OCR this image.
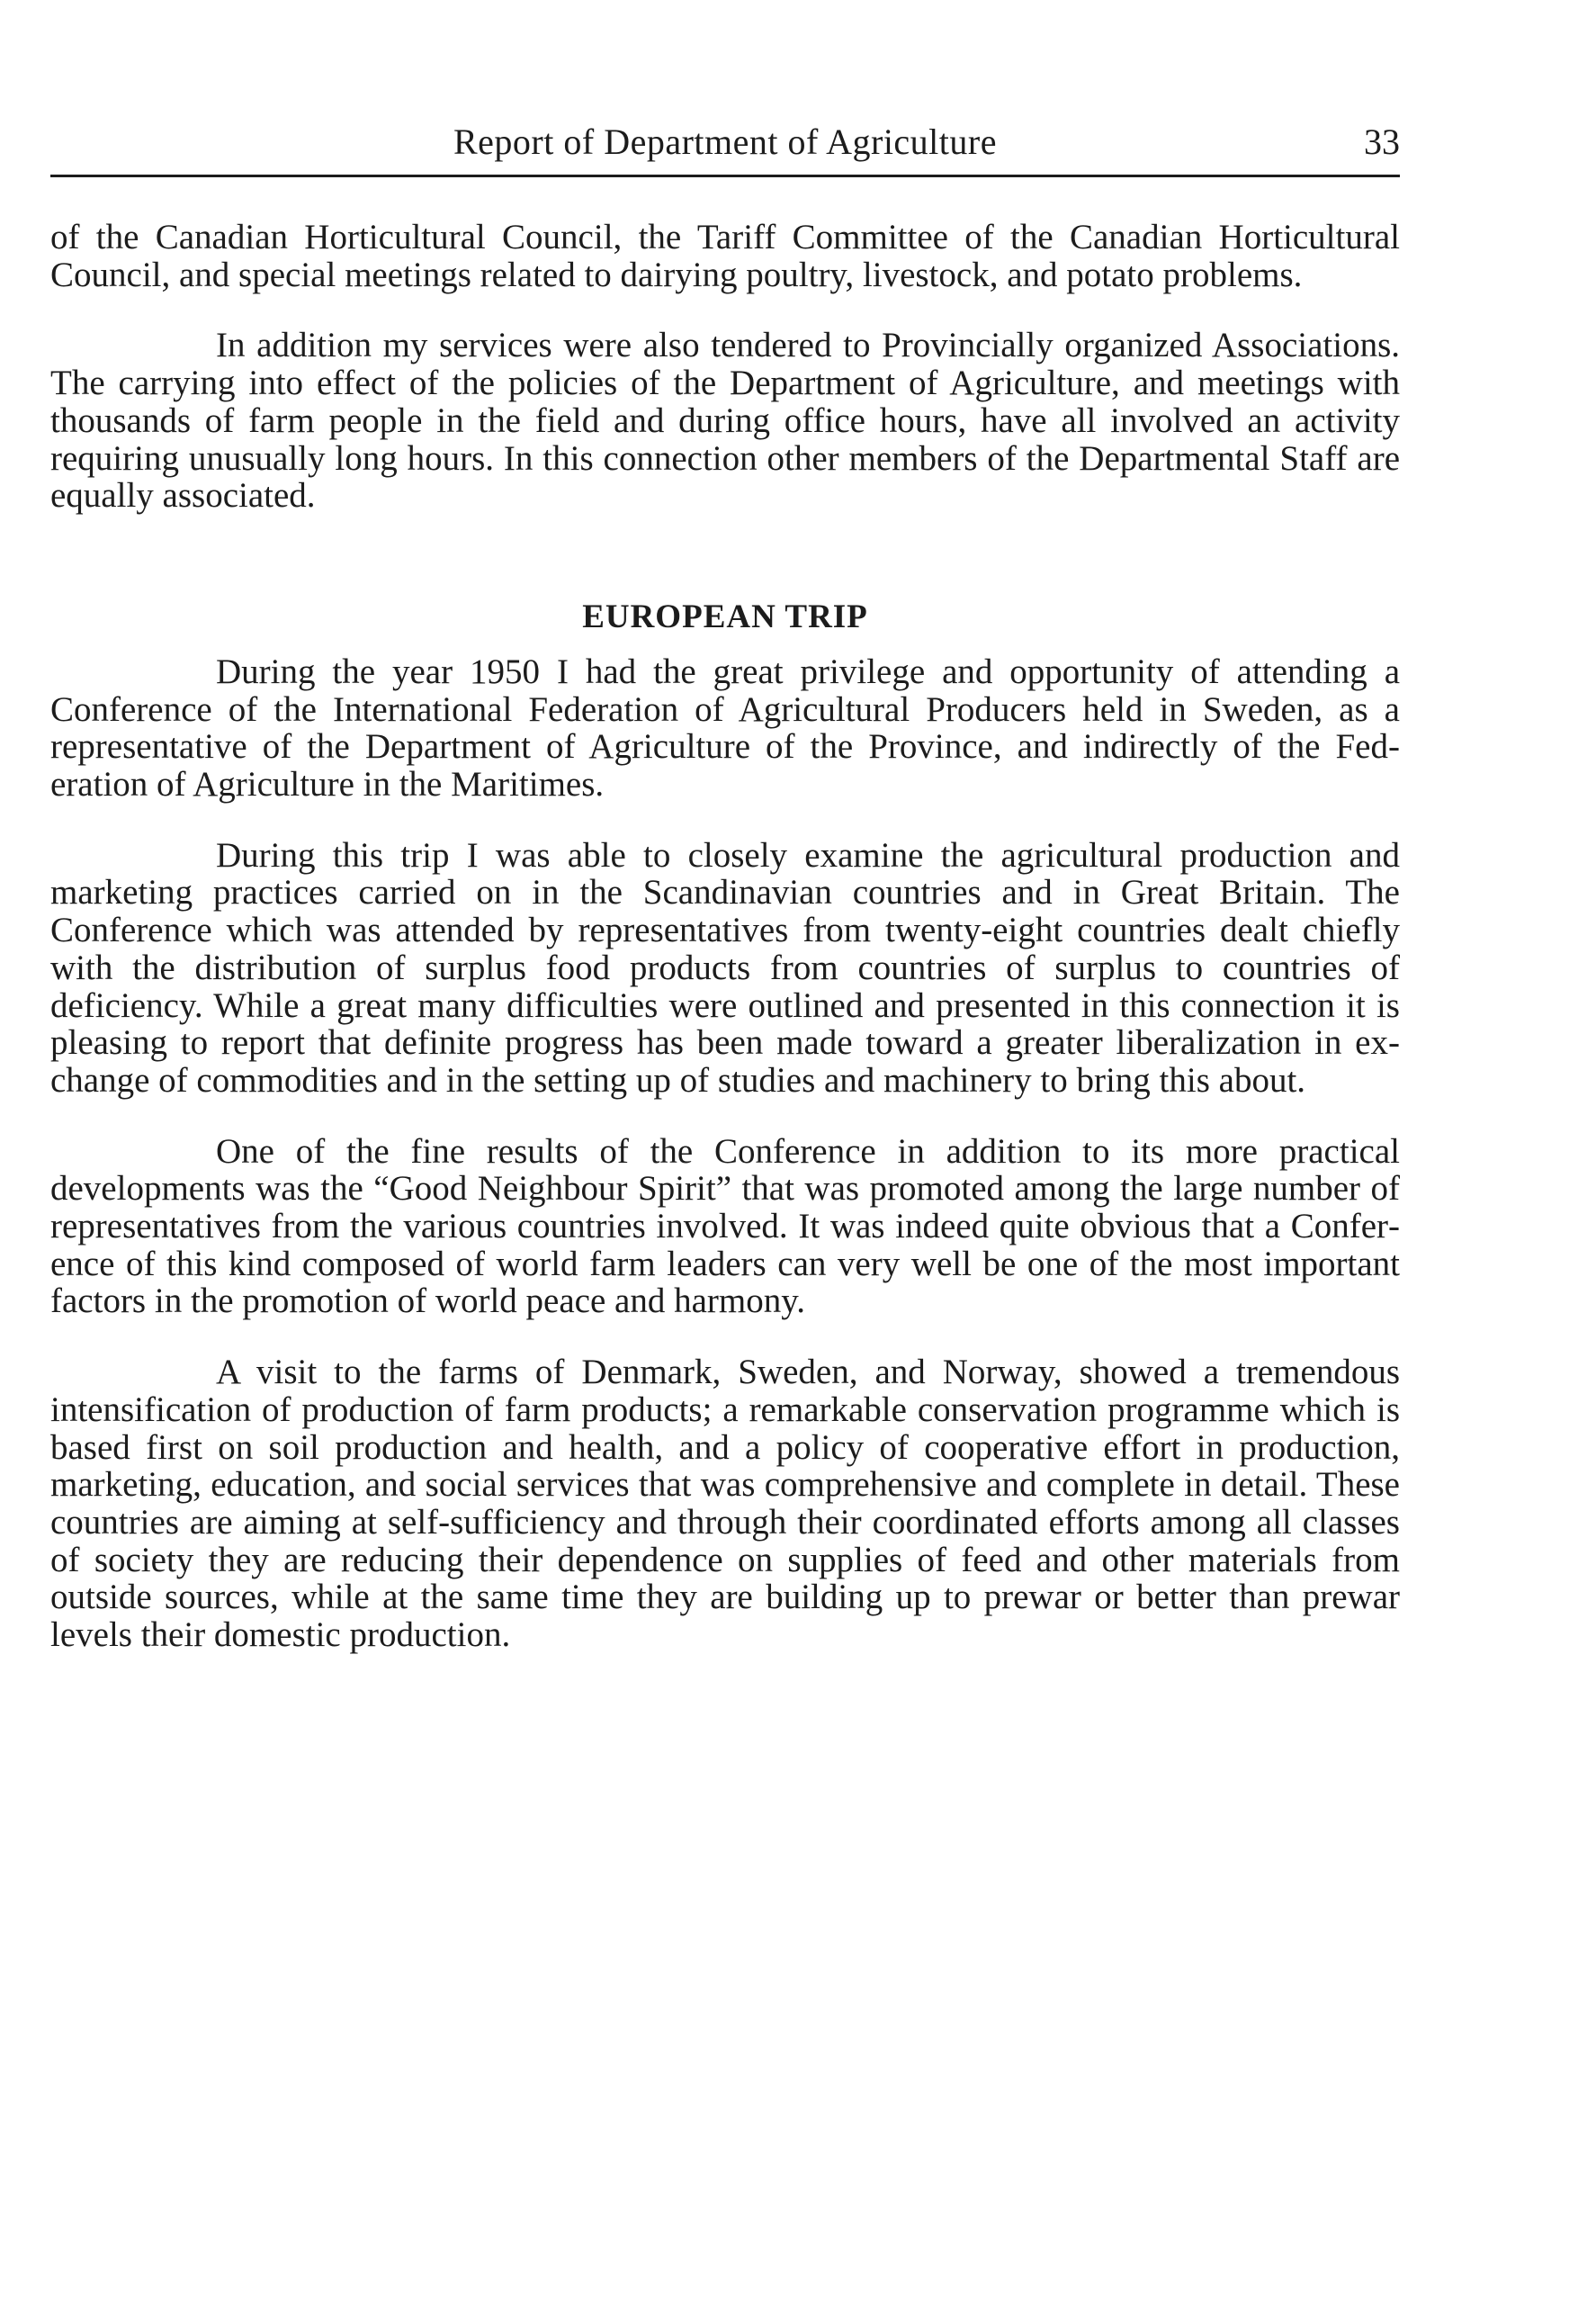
Report of Department of Agriculture	33

of the Canadian Horticultural Council, the Tariff Committee of the Canadian Horticultural Council, and special meetings related to dairying poultry, livestock, and potato problems.

In addition my services were also tendered to Provincially organized Associations. The carrying into effect of the policies of the Department of Agriculture, and meetings with thousands of farm people in the field and during office hours, have all involved an activity requiring unusually long hours. In this connection other members of the Departmental Staff are equally associated.

EUROPEAN TRIP

During the year 1950 I had the great privilege and opportunity of attending a Conference of the International Federation of Agricultural Producers held in Sweden, as a representative of the Department of Agriculture of the Province, and indirectly of the Federation of Agriculture in the Maritimes.

During this trip I was able to closely examine the agricultural production and marketing practices carried on in the Scandinavian countries and in Great Britain. The Conference which was attended by representatives from twenty-eight countries dealt chiefly with the distribution of surplus food products from countries of surplus to countries of deficiency. While a great many difficulties were outlined and presented in this connection it is pleasing to report that definite progress has been made toward a greater liberalization in exchange of commodities and in the setting up of studies and machinery to bring this about.

One of the fine results of the Conference in addition to its more practical developments was the “Good Neighbour Spirit” that was promoted among the large number of representatives from the various countries involved. It was indeed quite obvious that a Conference of this kind composed of world farm leaders can very well be one of the most important factors in the promotion of world peace and harmony.

A visit to the farms of Denmark, Sweden, and Norway, showed a tremendous intensification of production of farm products; a remarkable conservation programme which is based first on soil production and health, and a policy of cooperative effort in production, marketing, education, and social services that was comprehensive and complete in detail. These countries are aiming at self-sufficiency and through their coordinated efforts among all classes of society they are reducing their dependence on supplies of feed and other materials from outside sources, while at the same time they are building up to prewar or better than prewar levels their domestic production.
